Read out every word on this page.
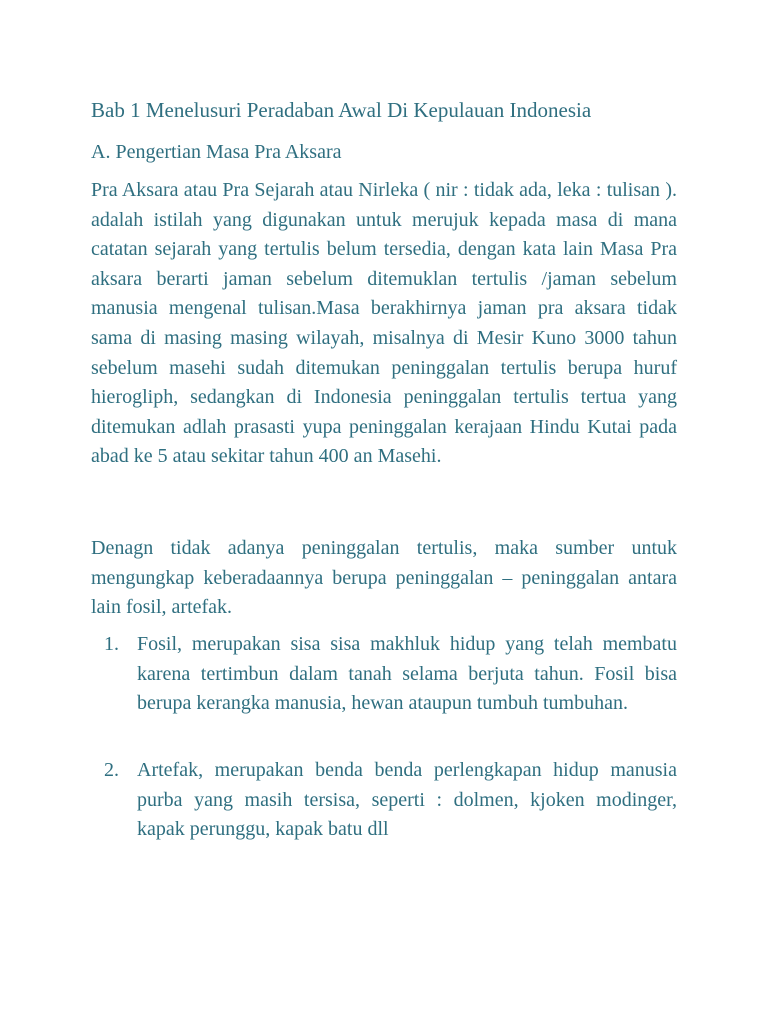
Bab 1 Menelusuri Peradaban Awal Di Kepulauan Indonesia
A. Pengertian Masa Pra Aksara

Pra Aksara atau Pra Sejarah atau Nirleka ( nir : tidak ada, leka : tulisan ). adalah istilah yang digunakan untuk merujuk kepada masa di mana catatan sejarah yang tertulis belum tersedia, dengan kata lain Masa Pra aksara berarti jaman sebelum ditemuklan tertulis /jaman sebelum manusia mengenal tulisan.Masa berakhirnya jaman pra aksara tidak sama di masing masing wilayah, misalnya di Mesir Kuno 3000 tahun sebelum masehi sudah ditemukan peninggalan tertulis berupa huruf hierogliph, sedangkan di Indonesia peninggalan tertulis tertua yang ditemukan adlah prasasti yupa peninggalan kerajaan Hindu Kutai pada abad ke 5 atau sekitar tahun 400 an Masehi.

Denagn tidak adanya peninggalan tertulis, maka sumber untuk mengungkap keberadaannya berupa peninggalan – peninggalan antara lain fosil, artefak.

1. Fosil, merupakan sisa sisa makhluk hidup yang telah membatu karena tertimbun dalam tanah selama berjuta tahun. Fosil bisa berupa kerangka manusia, hewan ataupun tumbuh tumbuhan.

2. Artefak, merupakan benda benda perlengkapan hidup manusia purba yang masih tersisa, seperti : dolmen, kjoken modinger, kapak perunggu, kapak batu dll
